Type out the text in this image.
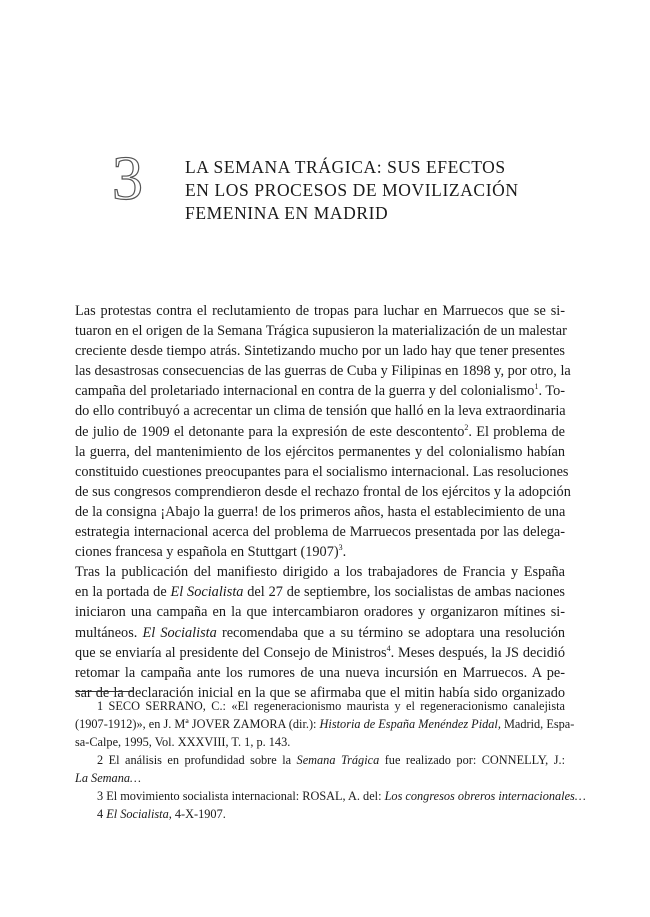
3 LA SEMANA TRÁGICA: SUS EFECTOS
EN LOS PROCESOS DE MOVILIZACIÓN
FEMENINA EN MADRID
Las protestas contra el reclutamiento de tropas para luchar en Marruecos que se si-
tuaron en el origen de la Semana Trágica supusieron la materialización de un malestar
creciente desde tiempo atrás. Sintetizando mucho por un lado hay que tener presentes
las desastrosas consecuencias de las guerras de Cuba y Filipinas en 1898 y, por otro, la
campaña del proletariado internacional en contra de la guerra y del colonialismo$^1$. To-
do ello contribuyó a acrecentar un clima de tensión que halló en la leva extraordinaria
de julio de 1909 el detonante para la expresión de este descontento$^2$. El problema de
la guerra, del mantenimiento de los ejércitos permanentes y del colonialismo habían
constituido cuestiones preocupantes para el socialismo internacional. Las resoluciones
de sus congresos comprendieron desde el rechazo frontal de los ejércitos y la adopción
de la consigna ¡Abajo la guerra! de los primeros años, hasta el establecimiento de una
estrategia internacional acerca del problema de Marruecos presentada por las delega-
ciones francesa y española en Stuttgart $(1907)^3$.
Tras la publicación del manifiesto dirigido a los trabajadores de Francia y España
en la portada de El Socialista del 27 de septiembre, los socialistas de ambas naciones
iniciaron una campaña en la que intercambiaron oradores y organizaron mítines si-
multáneos. El Socialista recomendaba que a su término se adoptara una resolución
que se enviaría al presidente del Consejo de Ministros$^4$. Meses después, la JS decidió
retomar la campaña ante los rumores de una nueva incursión en Marruecos. A pe-
sar de la declaración inicial en la que se afirmaba que el mitin había sido organizado
1 SECO SERRANO, C.: «El regeneracionismo maurista y el regeneracionismo canalejista
(1907-1912)», en J. Mª JOVER ZAMORA (dir.): Historia de España Menéndez Pidal, Madrid, Espa-
sa-Calpe, 1995, Vol. XXXVIII, T. 1, p. 143.
2 El análisis en profundidad sobre la Semana Trágica fue realizado por: CONNELLY, J.:
La Semana…
3 El movimiento socialista internacional: ROSAL, A. del: Los congresos obreros internacionales…
4 El Socialista, 4-X-1907.
